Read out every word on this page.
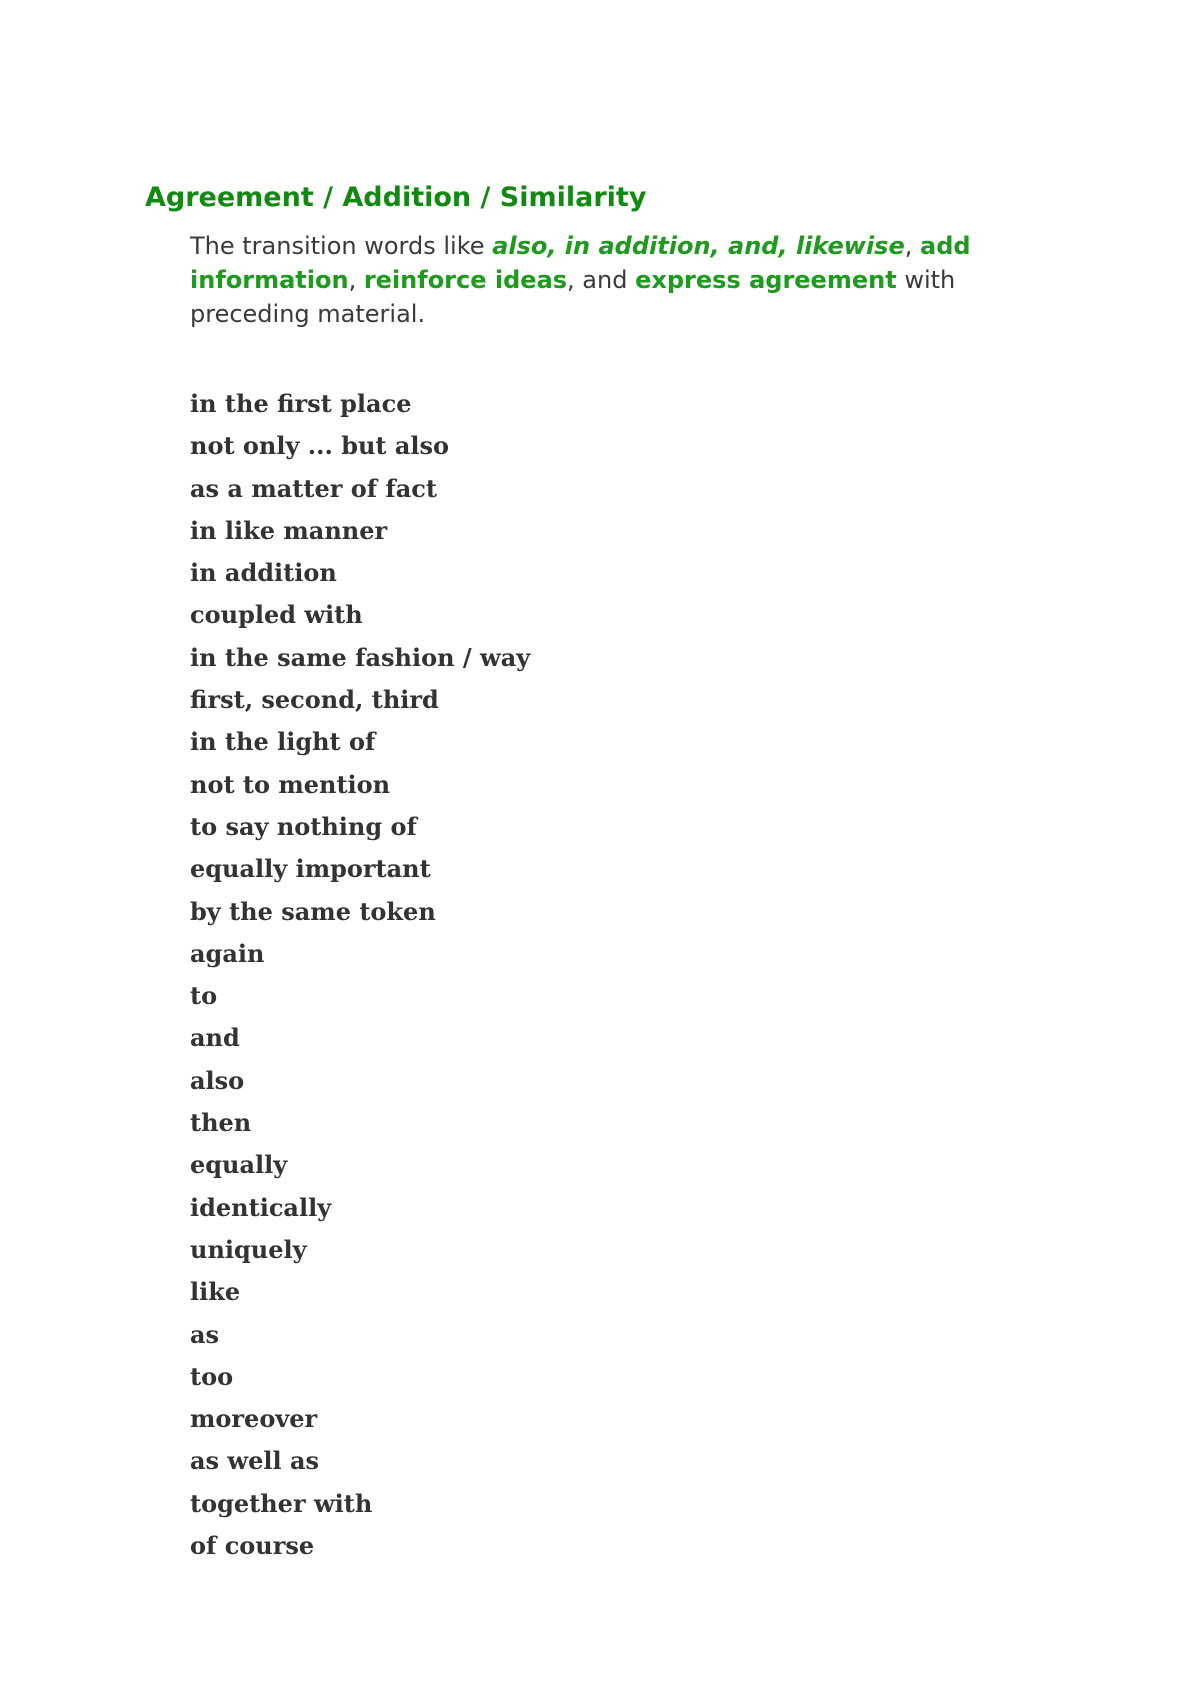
Agreement / Addition / Similarity

The transition words like also, in addition, and, likewise, add information, reinforce ideas, and express agreement with preceding material.

in the first place
not only ... but also
as a matter of fact
in like manner
in addition
coupled with
in the same fashion / way
first, second, third
in the light of
not to mention
to say nothing of
equally important
by the same token
again
to
and
also
then
equally
identically
uniquely
like
as
too
moreover
as well as
together with
of course
